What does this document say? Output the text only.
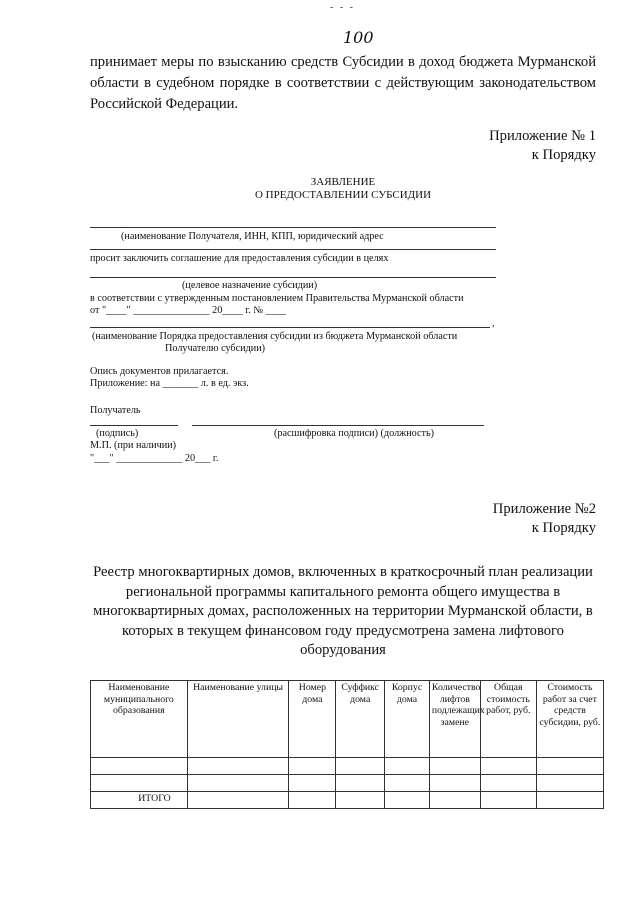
- - -
100
принимает меры по взысканию средств Субсидии в доход бюджета Мурманской области в судебном порядке в соответствии с действующим законодательством Российской Федерации.
Приложение № 1
к Порядку
ЗАЯВЛЕНИЕ
О ПРЕДОСТАВЛЕНИИ СУБСИДИИ
(наименование Получателя, ИНН, КПП, юридический адрес
просит заключить соглашение для предоставления субсидии в целях
(целевое назначение субсидии)
в соответствии с утвержденным постановлением Правительства Мурманской области
от "____" _______________ 20____ г. № ____
,
(наименование Порядка предоставления субсидии из бюджета Мурманской области
Получателю субсидии)
Опись документов прилагается.
Приложение: на _______ л. в ед. экз.
Получатель
(подпись)	(расшифровка подписи) (должность)
М.П. (при наличии)
"___" _____________ 20___ г.
Приложение №2
к Порядку
Реестр многоквартирных домов, включенных в краткосрочный план реализации региональной программы капитального ремонта общего имущества в многоквартирных домах, расположенных на территории Мурманской области, в которых в текущем финансовом году предусмотрена замена лифтового оборудования
Наименование муниципального образования	Наименование улицы	Номер дома	Суффикс дома	Корпус дома	Количество лифтов подлежащих замене	Общая стоимость работ, руб.	Стоимость работ за счет средств субсидии, руб.

ИТОГО							
